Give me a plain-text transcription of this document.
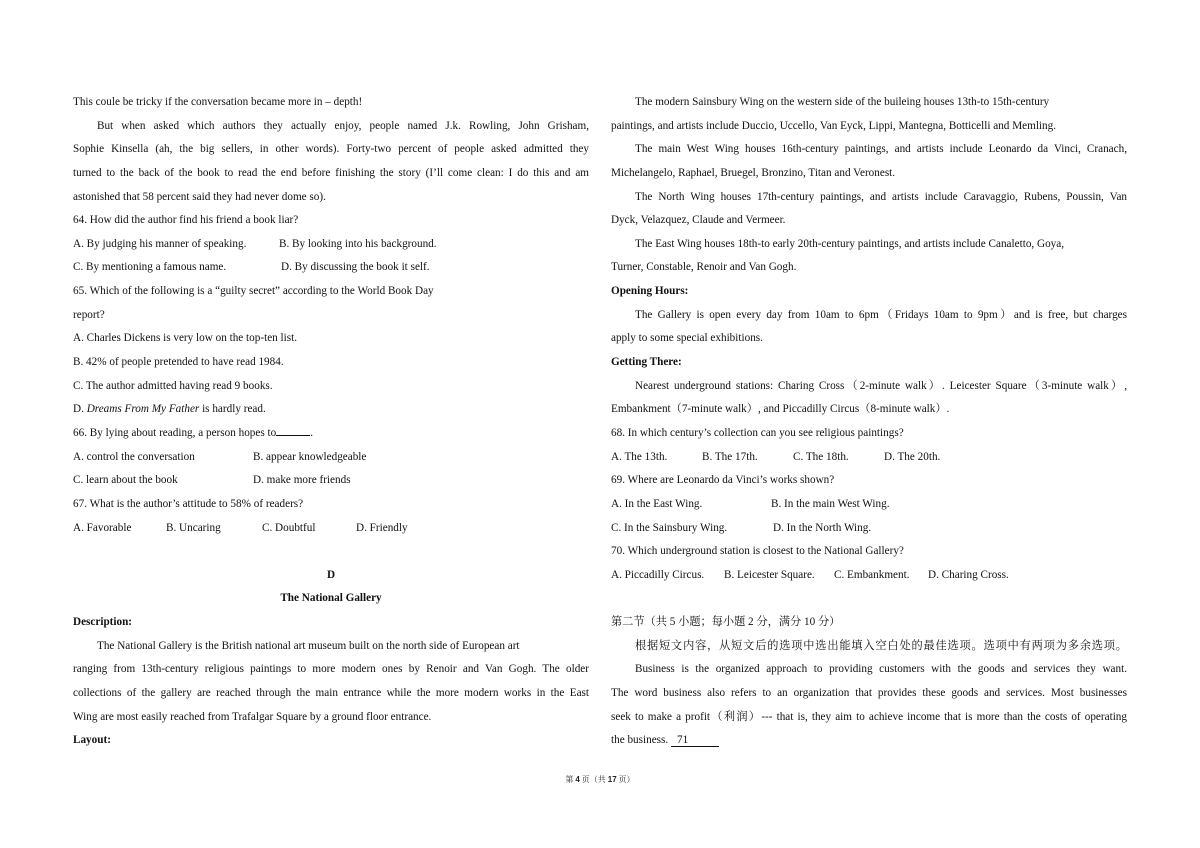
This coule be tricky if the conversation became more in – depth!
But when asked which authors they actually enjoy, people named J.k. Rowling, John Grisham,
Sophie Kinsella (ah, the big sellers, in other words). Forty-two percent of people asked admitted they
turned to the back of the book to read the end before finishing the story (I’ll come clean: I do this and am
astonished that 58 percent said they had never dome so).
64. How did the author find his friend a book liar?
A. By judging his manner of speaking.	B. By looking into his background.
C. By mentioning a famous name.	D. By discussing the book it self.
65. Which of the following is a “guilty secret” according to the World Book Day
report?
A. Charles Dickens is very low on the top-ten list.
B. 42% of people pretended to have read 1984.
C. The author admitted having read 9 books.
D. Dreams From My Father is hardly read.
66. By lying about reading, a person hopes to	.
A. control the conversation	B. appear knowledgeable
C. learn about the book	D. make more friends
67. What is the author’s attitude to 58% of readers?
A. Favorable	B. Uncaring	C. Doubtful	D. Friendly
D
The National Gallery
Description:
The National Gallery is the British national art museum built on the north side of European art
ranging from 13th-century religious paintings to more modern ones by Renoir and Van Gogh. The older
collections of the gallery are reached through the main entrance while the more modern works in the East
Wing are most easily reached from Trafalgar Square by a ground floor entrance.
Layout:
The modern Sainsbury Wing on the western side of the buileing houses 13th-to 15th-century
paintings, and artists include Duccio, Uccello, Van Eyck, Lippi, Mantegna, Botticelli and Memling.
The main West Wing houses 16th-century paintings, and artists include Leonardo da Vinci, Cranach,
Michelangelo, Raphael, Bruegel, Bronzino, Titan and Veronest.
The North Wing houses 17th-century paintings, and artists include Caravaggio, Rubens, Poussin, Van
Dyck, Velazquez, Claude and Vermeer.
The East Wing houses 18th-to early 20th-century paintings, and artists include Canaletto, Goya,
Turner, Constable, Renoir and Van Gogh.
Opening Hours:
The Gallery is open every day from 10am to 6pm（Fridays 10am to 9pm）and is free, but charges
apply to some special exhibitions.
Getting There:
Nearest underground stations: Charing Cross（2-minute walk）. Leicester Square（3-minute walk）,
Embankment（7-minute walk）, and Piccadilly Circus（8-minute walk）.
68. In which century’s collection can you see religious paintings?
A. The 13th.	B. The 17th.	C. The 18th.	D. The 20th.
69. Where are Leonardo da Vinci’s works shown?
A. In the East Wing.	B. In the main West Wing.
C. In the Sainsbury Wing.	D. In the North Wing.
70. Which underground station is closest to the National Gallery?
A. Piccadilly Circus. B. Leicester Square. C. Embankment. D. Charing Cross.
第二节（共 5 小题；每小题 2 分，满分 10 分）
根据短文内容，从短文后的选项中选出能填入空白处的最佳选项。选项中有两项为多余选项。
Business is the organized approach to providing customers with the goods and services they want.
The word business also refers to an organization that provides these goods and services. Most businesses
seek to make a profit（利润）--- that is, they aim to achieve income that is more than the costs of operating
the business. 71
第 4 页（共 17 页）
